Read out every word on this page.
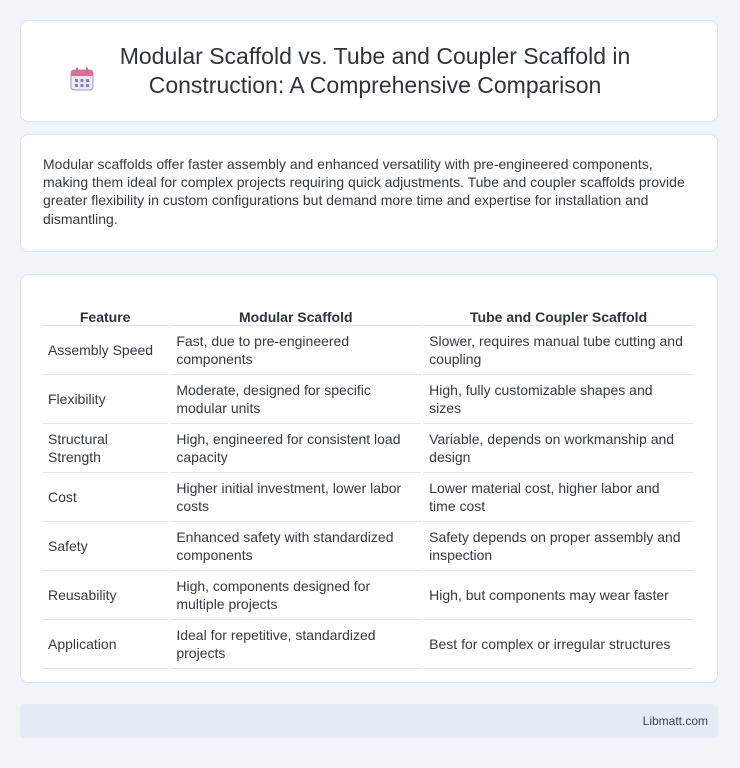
Modular Scaffold vs. Tube and Coupler Scaffold in Construction: A Comprehensive Comparison

Modular scaffolds offer faster assembly and enhanced versatility with pre-engineered components, making them ideal for complex projects requiring quick adjustments. Tube and coupler scaffolds provide greater flexibility in custom configurations but demand more time and expertise for installation and dismantling.

Feature	Modular Scaffold	Tube and Coupler Scaffold
Assembly Speed	Fast, due to pre-engineered components	Slower, requires manual tube cutting and coupling
Flexibility	Moderate, designed for specific modular units	High, fully customizable shapes and sizes
Structural Strength	High, engineered for consistent load capacity	Variable, depends on workmanship and design
Cost	Higher initial investment, lower labor costs	Lower material cost, higher labor and time cost
Safety	Enhanced safety with standardized components	Safety depends on proper assembly and inspection
Reusability	High, components designed for multiple projects	High, but components may wear faster
Application	Ideal for repetitive, standardized projects	Best for complex or irregular structures
Libmatt.com
